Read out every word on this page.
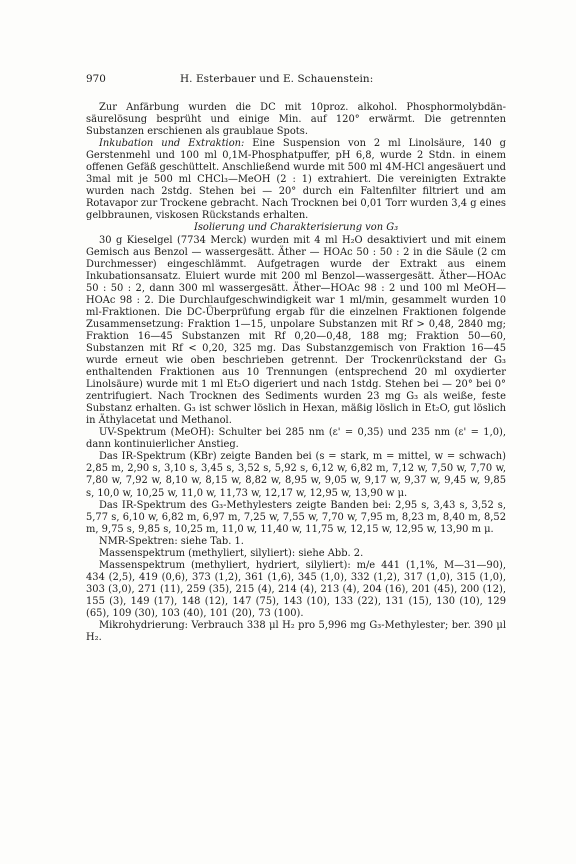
970	H. Esterbauer und E. Schauenstein:

Zur Anfärbung wurden die DC mit 10proz. alkohol. Phosphormolybdänsäurelösung besprüht und einige Min. auf 120° erwärmt. Die getrennten Substanzen erschienen als graublaue Spots.

Inkubation und Extraktion: Eine Suspension von 2 ml Linolsäure, 140 g Gerstenmehl und 100 ml 0,1M-Phosphatpuffer, pH 6,8, wurde 2 Stdn. in einem offenen Gefäß geschüttelt. Anschließend wurde mit 500 ml 4M-HCl angesäuert und 3mal mit je 500 ml CHCl₃—MeOH (2 : 1) extrahiert. Die vereinigten Extrakte wurden nach 2stdg. Stehen bei — 20° durch ein Faltenfilter filtriert und am Rotavapor zur Trockene gebracht. Nach Trocknen bei 0,01 Torr wurden 3,4 g eines gelbbraunen, viskosen Rückstands erhalten.

Isolierung und Charakterisierung von G₃

30 g Kieselgel (7734 Merck) wurden mit 4 ml H₂O desaktiviert und mit einem Gemisch aus Benzol — wassergesätt. Äther — HOAc 50 : 50 : 2 in die Säule (2 cm Durchmesser) eingeschlämmt. Aufgetragen wurde der Extrakt aus einem Inkubationsansatz. Eluiert wurde mit 200 ml Benzol—wassergesätt. Äther—HOAc 50 : 50 : 2, dann 300 ml wassergesätt. Äther—HOAc 98 : 2 und 100 ml MeOH—HOAc 98 : 2. Die Durchlaufgeschwindigkeit war 1 ml/min, gesammelt wurden 10 ml-Fraktionen. Die DC-Überprüfung ergab für die einzelnen Fraktionen folgende Zusammensetzung: Fraktion 1—15, unpolare Substanzen mit Rf > 0,48, 2840 mg; Fraktion 16—45 Substanzen mit Rf 0,20—0,48, 188 mg; Fraktion 50—60, Substanzen mit Rf < 0,20, 325 mg. Das Substanzgemisch von Fraktion 16—45 wurde erneut wie oben beschrieben getrennt. Der Trockenrückstand der G₃ enthaltenden Fraktionen aus 10 Trennungen (entsprechend 20 ml oxydierter Linolsäure) wurde mit 1 ml Et₂O digeriert und nach 1stdg. Stehen bei — 20° bei 0° zentrifugiert. Nach Trocknen des Sediments wurden 23 mg G₃ als weiße, feste Substanz erhalten. G₃ ist schwer löslich in Hexan, mäßig löslich in Et₂O, gut löslich in Äthylacetat und Methanol.

UV-Spektrum (MeOH): Schulter bei 285 nm (ε' = 0,35) und 235 nm (ε' = 1,0), dann kontinuierlicher Anstieg.

Das IR-Spektrum (KBr) zeigte Banden bei (s = stark, m = mittel, w = schwach) 2,85 m, 2,90 s, 3,10 s, 3,45 s, 3,52 s, 5,92 s, 6,12 w, 6,82 m, 7,12 w, 7,50 w, 7,70 w, 7,80 w, 7,92 w, 8,10 w, 8,15 w, 8,82 w, 8,95 w, 9,05 w, 9,17 w, 9,37 w, 9,45 w, 9,85 s, 10,0 w, 10,25 w, 11,0 w, 11,73 w, 12,17 w, 12,95 w, 13,90 w μ.

Das IR-Spektrum des G₃-Methylesters zeigte Banden bei: 2,95 s, 3,43 s, 3,52 s, 5,77 s, 6,10 w, 6,82 m, 6,97 m, 7,25 w, 7,55 w, 7,70 w, 7,95 m, 8,23 m, 8,40 m, 8,52 m, 9,75 s, 9,85 s, 10,25 m, 11,0 w, 11,40 w, 11,75 w, 12,15 w, 12,95 w, 13,90 m μ.

NMR-Spektren: siehe Tab. 1.

Massenspektrum (methyliert, silyliert): siehe Abb. 2.

Massenspektrum (methyliert, hydriert, silyliert): m/e 441 (1,1%, M—31—90), 434 (2,5), 419 (0,6), 373 (1,2), 361 (1,6), 345 (1,0), 332 (1,2), 317 (1,0), 315 (1,0), 303 (3,0), 271 (11), 259 (35), 215 (4), 214 (4), 213 (4), 204 (16), 201 (45), 200 (12), 155 (3), 149 (17), 148 (12), 147 (75), 143 (10), 133 (22), 131 (15), 130 (10), 129 (65), 109 (30), 103 (40), 101 (20), 73 (100).

Mikrohydrierung: Verbrauch 338 μl H₂ pro 5,996 mg G₃-Methylester; ber. 390 μl H₂.
